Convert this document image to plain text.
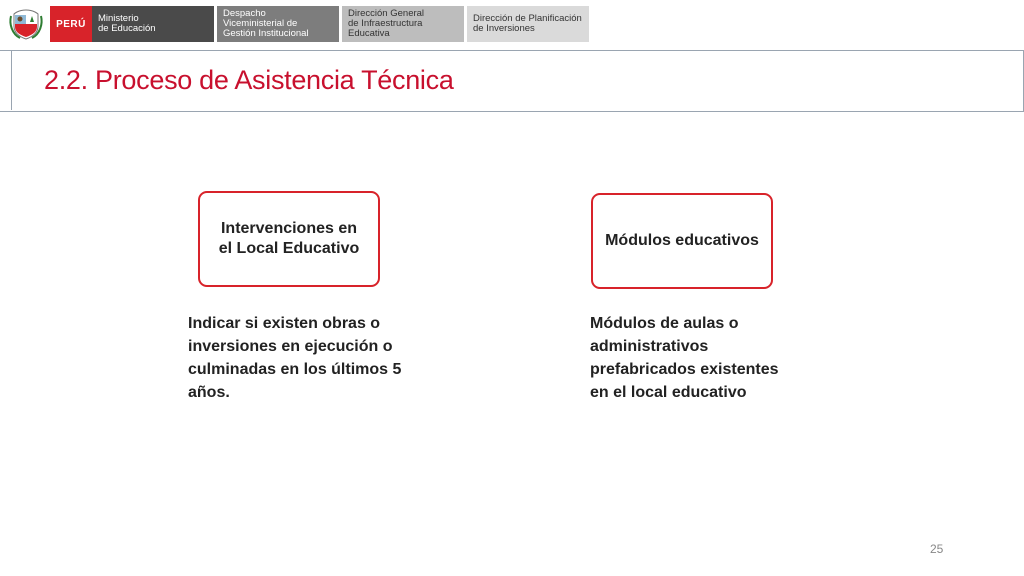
PERÚ	Ministerio
de Educación
Despacho
Viceministerial de
Gestión Institucional
Dirección General
de Infraestructura
Educativa
Dirección de Planificación
de Inversiones
2.2. Proceso de Asistencia Técnica
Intervenciones en
el Local Educativo	Módulos educativos
Indicar si existen obras o
inversiones en ejecución o
culminadas en los últimos 5
años.
Módulos de aulas o
administrativos
prefabricados existentes
en el local educativo
25
